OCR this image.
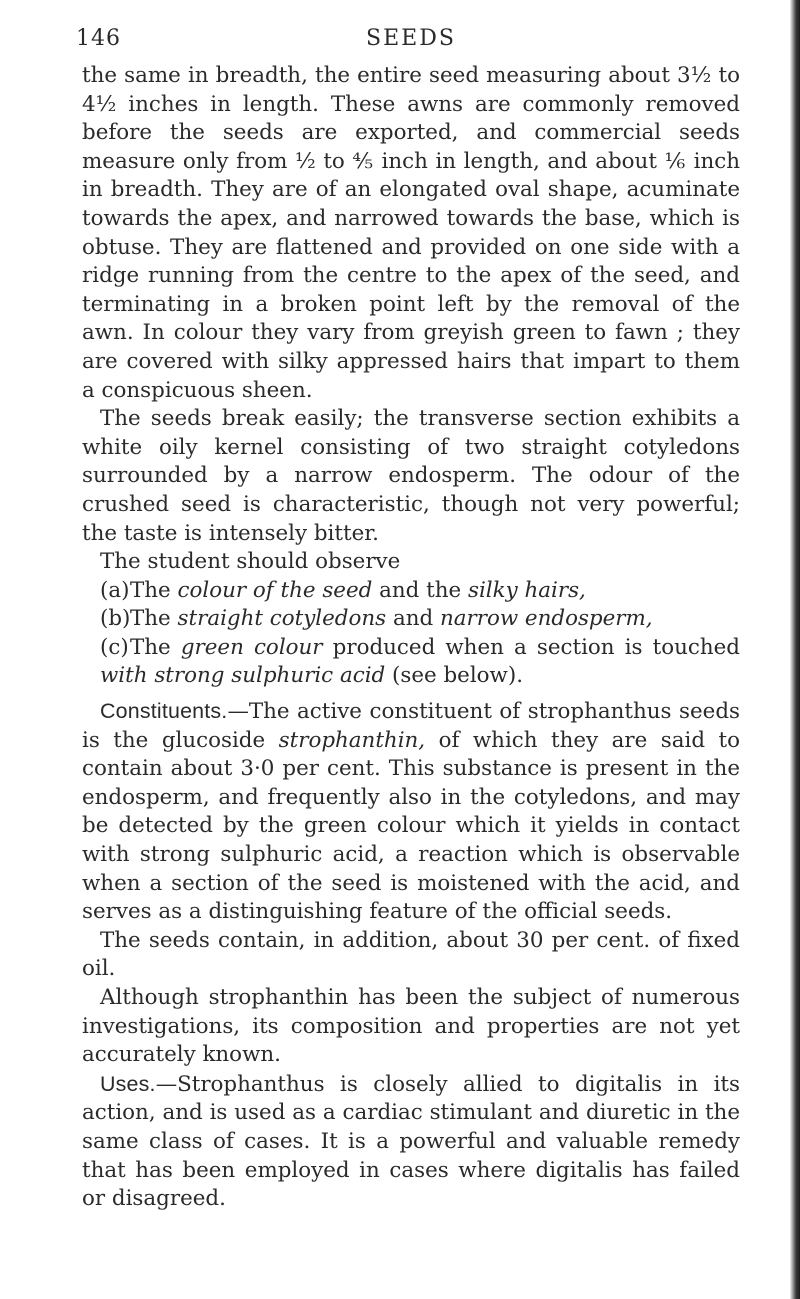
146	SEEDS

the same in breadth, the entire seed measuring about 3½ to 4½ inches in length. These awns are commonly removed before the seeds are exported, and commercial seeds measure only from ½ to ⅘ inch in length, and about ⅙ inch in breadth. They are of an elongated oval shape, acuminate towards the apex, and narrowed towards the base, which is obtuse. They are flattened and provided on one side with a ridge running from the centre to the apex of the seed, and terminating in a broken point left by the removal of the awn. In colour they vary from greyish green to fawn ; they are covered with silky appressed hairs that impart to them a conspicuous sheen.

The seeds break easily; the transverse section exhibits a white oily kernel consisting of two straight cotyledons surrounded by a narrow endosperm. The odour of the crushed seed is characteristic, though not very powerful; the taste is intensely bitter.

The student should observe

(a)The colour of the seed and the silky hairs,

(b)The straight cotyledons and narrow endosperm,

(c)The green colour produced when a section is touched with strong sulphuric acid (see below).

Constituents.—The active constituent of strophanthus seeds is the glucoside strophanthin, of which they are said to contain about 3·0 per cent. This substance is present in the endosperm, and frequently also in the cotyledons, and may be detected by the green colour which it yields in contact with strong sulphuric acid, a reaction which is observable when a section of the seed is moistened with the acid, and serves as a distinguishing feature of the official seeds.

The seeds contain, in addition, about 30 per cent. of fixed oil.

Although strophanthin has been the subject of numerous investigations, its composition and properties are not yet accurately known.

Uses.—Strophanthus is closely allied to digitalis in its action, and is used as a cardiac stimulant and diuretic in the same class of cases. It is a powerful and valuable remedy that has been employed in cases where digitalis has failed or disagreed.
